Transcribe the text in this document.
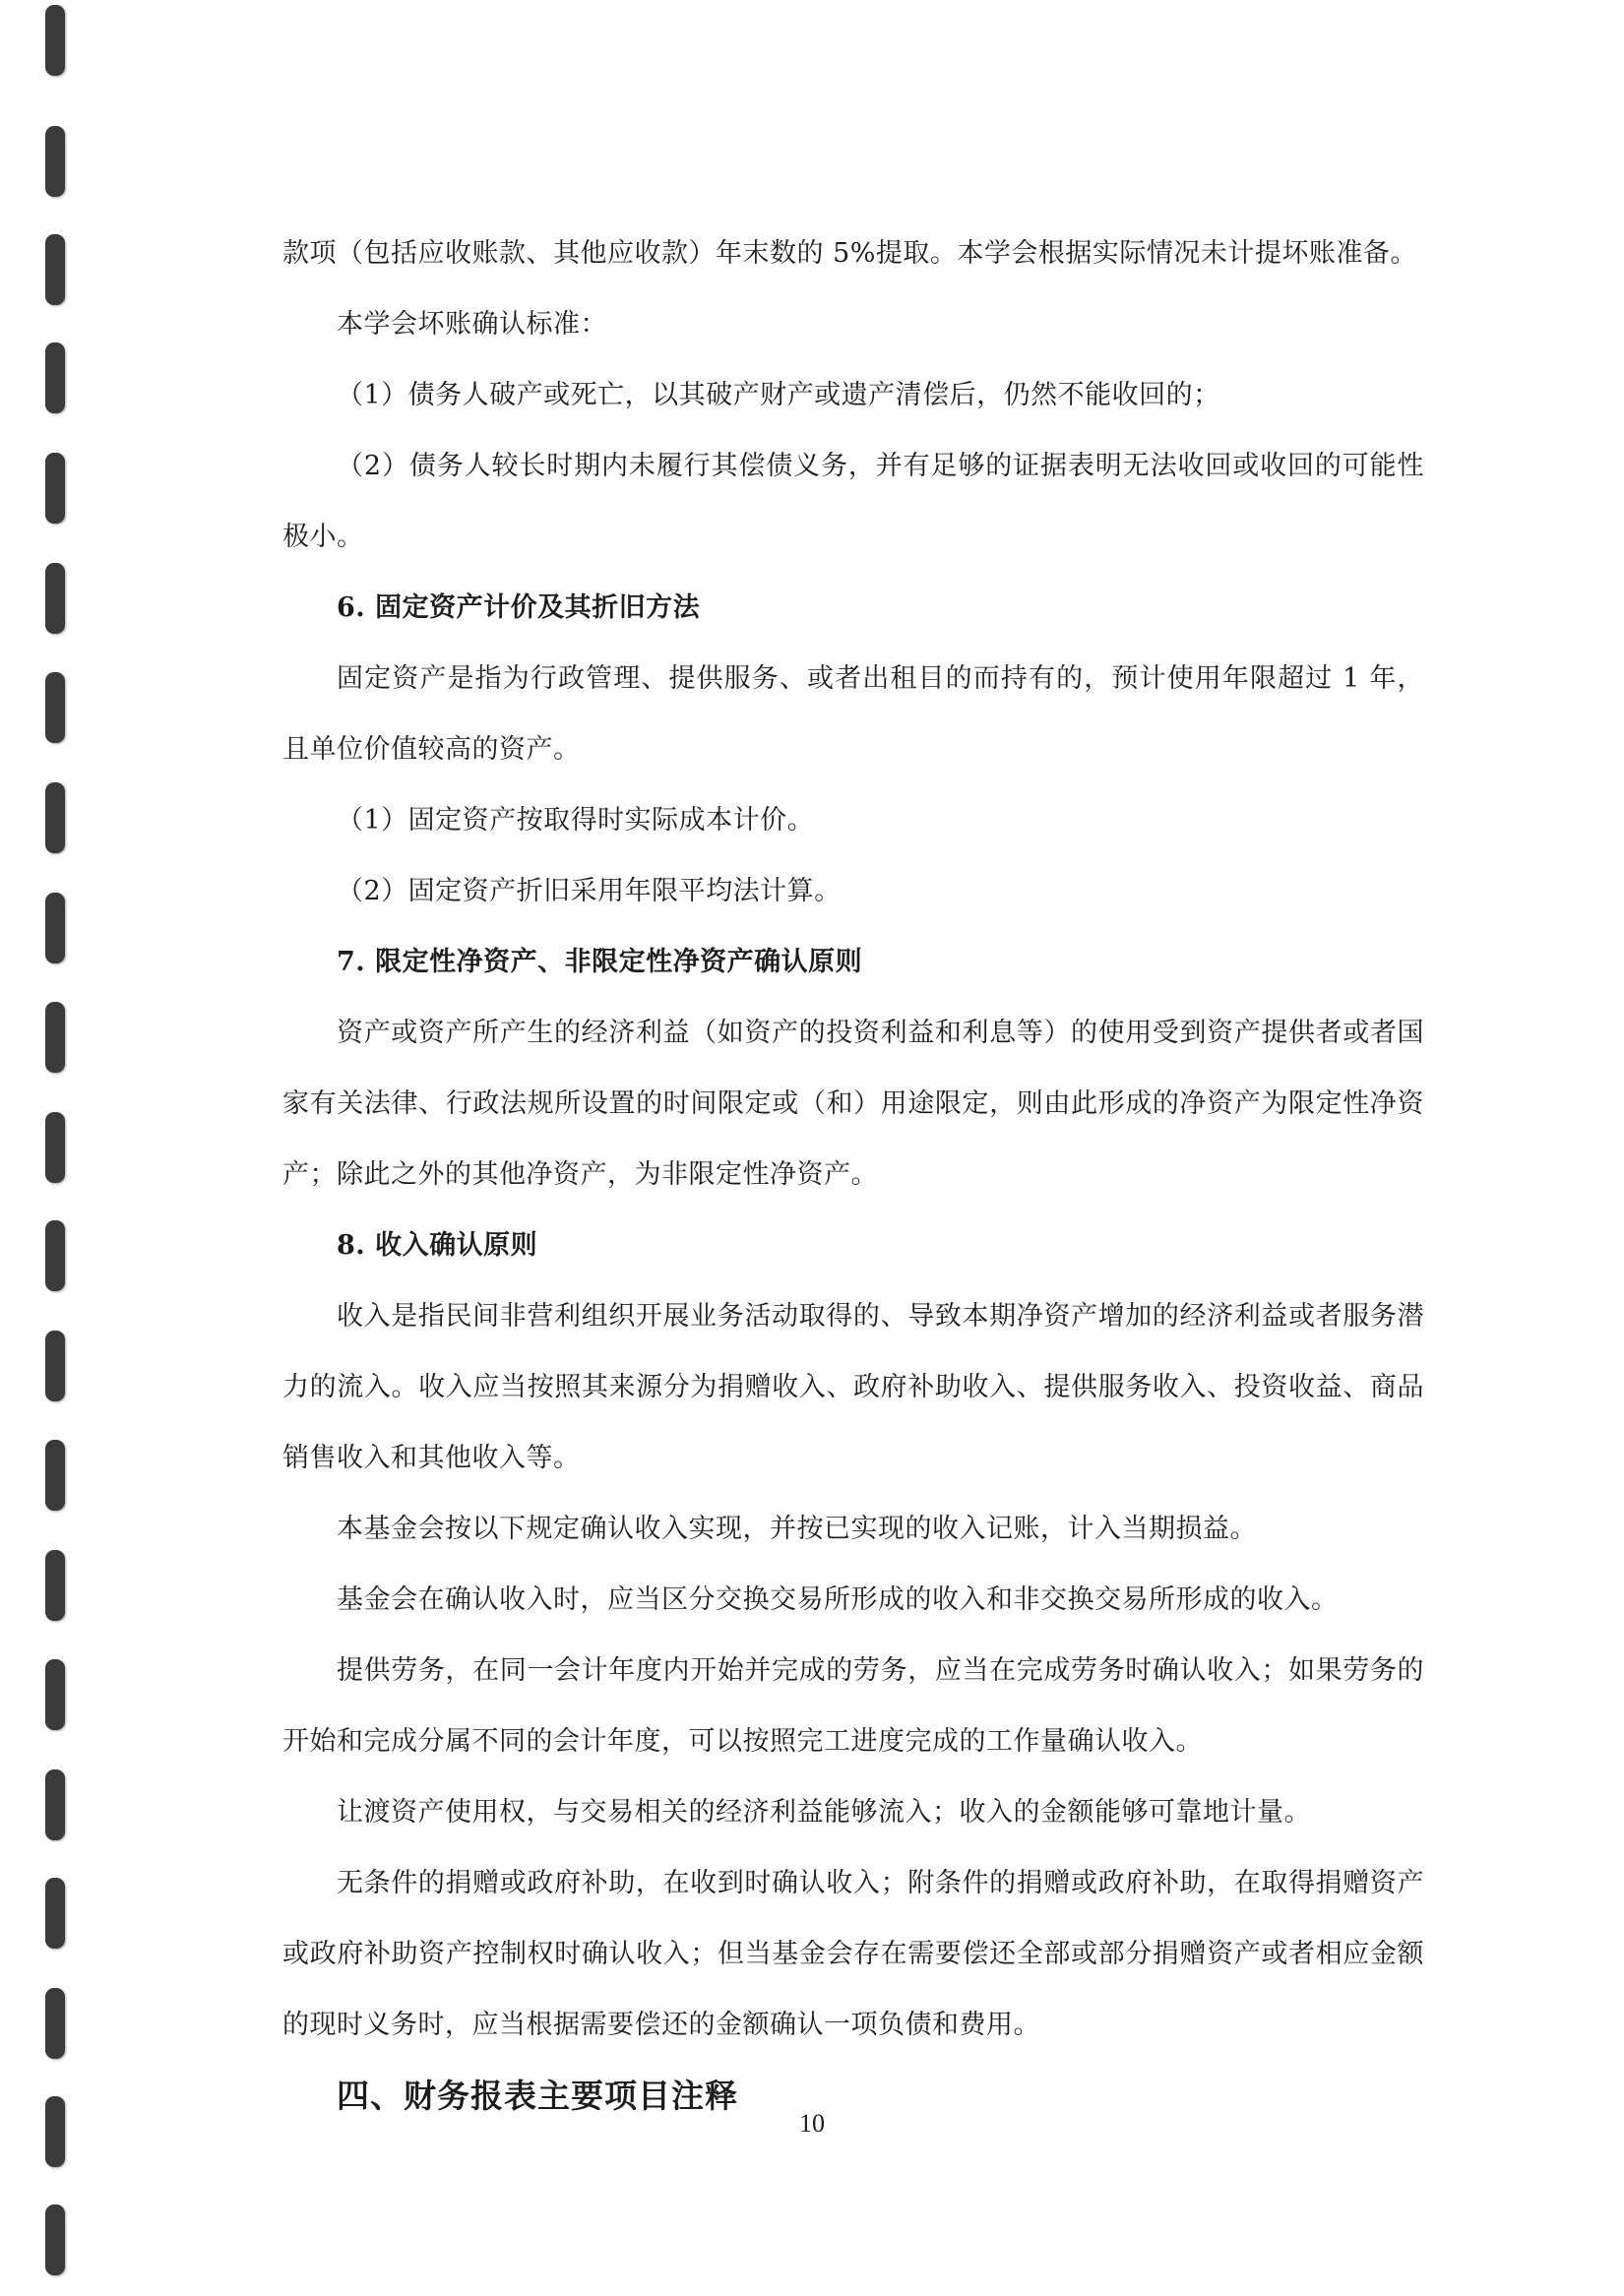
款项（包括应收账款、其他应收款）年末数的 5%提取。本学会根据实际情况未计提坏账准备。

本学会坏账确认标准：

（1）债务人破产或死亡，以其破产财产或遗产清偿后，仍然不能收回的；

（2）债务人较长时期内未履行其偿债义务，并有足够的证据表明无法收回或收回的可能性极小。

6. 固定资产计价及其折旧方法

固定资产是指为行政管理、提供服务、或者出租目的而持有的，预计使用年限超过 1 年，且单位价值较高的资产。

（1）固定资产按取得时实际成本计价。

（2）固定资产折旧采用年限平均法计算。

7. 限定性净资产、非限定性净资产确认原则

资产或资产所产生的经济利益（如资产的投资利益和利息等）的使用受到资产提供者或者国家有关法律、行政法规所设置的时间限定或（和）用途限定，则由此形成的净资产为限定性净资产；除此之外的其他净资产，为非限定性净资产。

8. 收入确认原则

收入是指民间非营利组织开展业务活动取得的、导致本期净资产增加的经济利益或者服务潜力的流入。收入应当按照其来源分为捐赠收入、政府补助收入、提供服务收入、投资收益、商品销售收入和其他收入等。

本基金会按以下规定确认收入实现，并按已实现的收入记账，计入当期损益。

基金会在确认收入时，应当区分交换交易所形成的收入和非交换交易所形成的收入。

提供劳务，在同一会计年度内开始并完成的劳务，应当在完成劳务时确认收入；如果劳务的开始和完成分属不同的会计年度，可以按照完工进度完成的工作量确认收入。

让渡资产使用权，与交易相关的经济利益能够流入；收入的金额能够可靠地计量。

无条件的捐赠或政府补助，在收到时确认收入；附条件的捐赠或政府补助，在取得捐赠资产或政府补助资产控制权时确认收入；但当基金会存在需要偿还全部或部分捐赠资产或者相应金额的现时义务时，应当根据需要偿还的金额确认一项负债和费用。

四、财务报表主要项目注释

10
